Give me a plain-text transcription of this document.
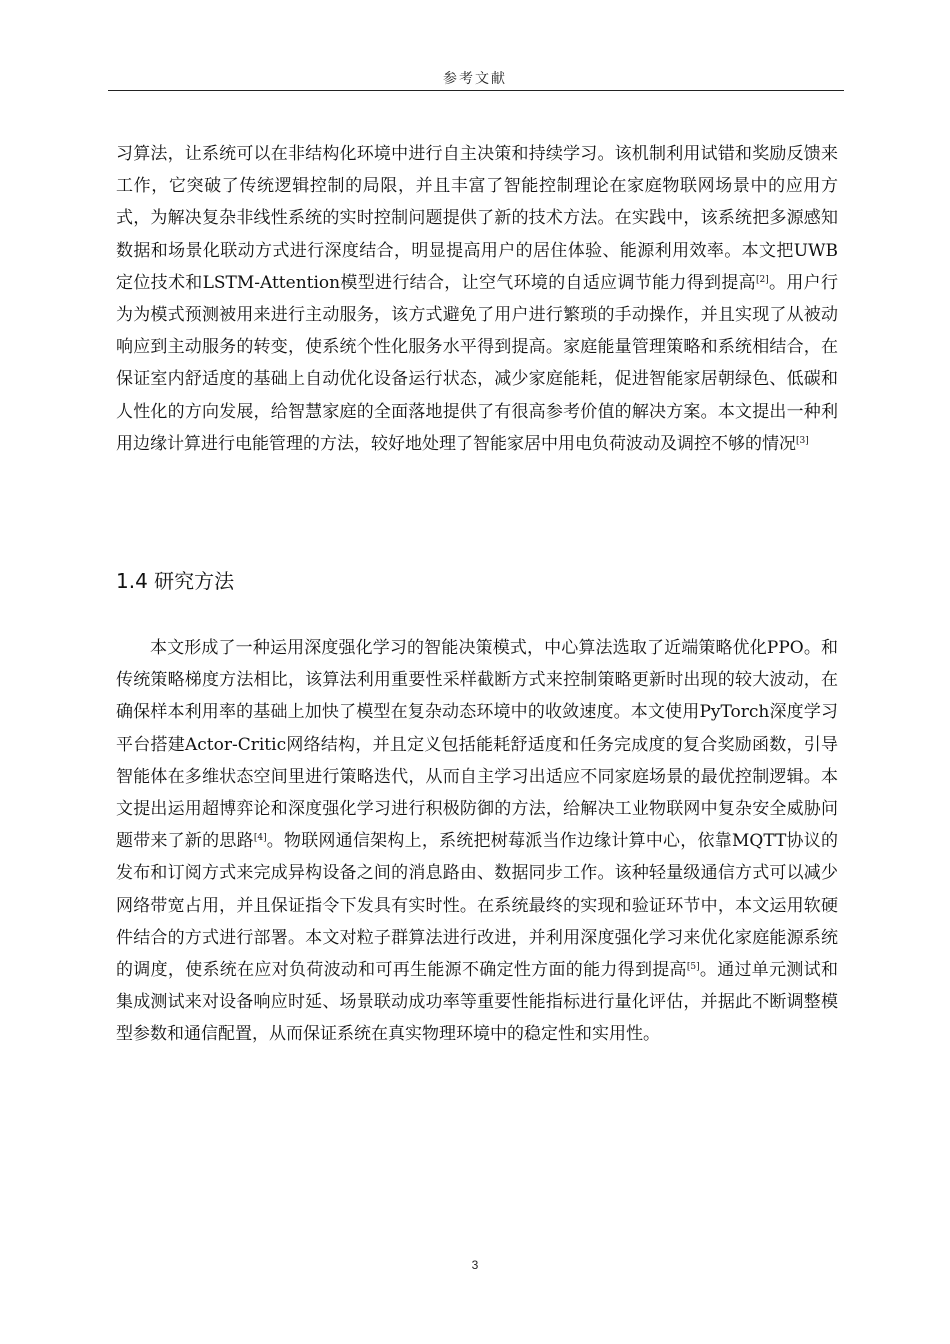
参考文献

习算法，让系统可以在非结构化环境中进行自主决策和持续学习。该机制利用试错和奖励反馈来工作，它突破了传统逻辑控制的局限，并且丰富了智能控制理论在家庭物联网场景中的应用方式，为解决复杂非线性系统的实时控制问题提供了新的技术方法。在实践中，该系统把多源感知数据和场景化联动方式进行深度结合，明显提高用户的居住体验、能源利用效率。本文把UWB定位技术和LSTM-Attention模型进行结合，让空气环境的自适应调节能力得到提高[2]。用户行为为模式预测被用来进行主动服务，该方式避免了用户进行繁琐的手动操作，并且实现了从被动响应到主动服务的转变，使系统个性化服务水平得到提高。家庭能量管理策略和系统相结合，在保证室内舒适度的基础上自动优化设备运行状态，减少家庭能耗，促进智能家居朝绿色、低碳和人性化的方向发展，给智慧家庭的全面落地提供了有很高参考价值的解决方案。本文提出一种利用边缘计算进行电能管理的方法，较好地处理了智能家居中用电负荷波动及调控不够的情况[3]

1.4 研究方法

本文形成了一种运用深度强化学习的智能决策模式，中心算法选取了近端策略优化PPO。和传统策略梯度方法相比，该算法利用重要性采样截断方式来控制策略更新时出现的较大波动，在确保样本利用率的基础上加快了模型在复杂动态环境中的收敛速度。本文使用PyTorch深度学习平台搭建Actor-Critic网络结构，并且定义包括能耗舒适度和任务完成度的复合奖励函数，引导智能体在多维状态空间里进行策略迭代，从而自主学习出适应不同家庭场景的最优控制逻辑。本文提出运用超博弈论和深度强化学习进行积极防御的方法，给解决工业物联网中复杂安全威胁问题带来了新的思路[4]。物联网通信架构上，系统把树莓派当作边缘计算中心，依靠MQTT协议的发布和订阅方式来完成异构设备之间的消息路由、数据同步工作。该种轻量级通信方式可以减少网络带宽占用，并且保证指令下发具有实时性。在系统最终的实现和验证环节中，本文运用软硬件结合的方式进行部署。本文对粒子群算法进行改进，并利用深度强化学习来优化家庭能源系统的调度，使系统在应对负荷波动和可再生能源不确定性方面的能力得到提高[5]。通过单元测试和集成测试来对设备响应时延、场景联动成功率等重要性能指标进行量化评估，并据此不断调整模型参数和通信配置，从而保证系统在真实物理环境中的稳定性和实用性。

3
